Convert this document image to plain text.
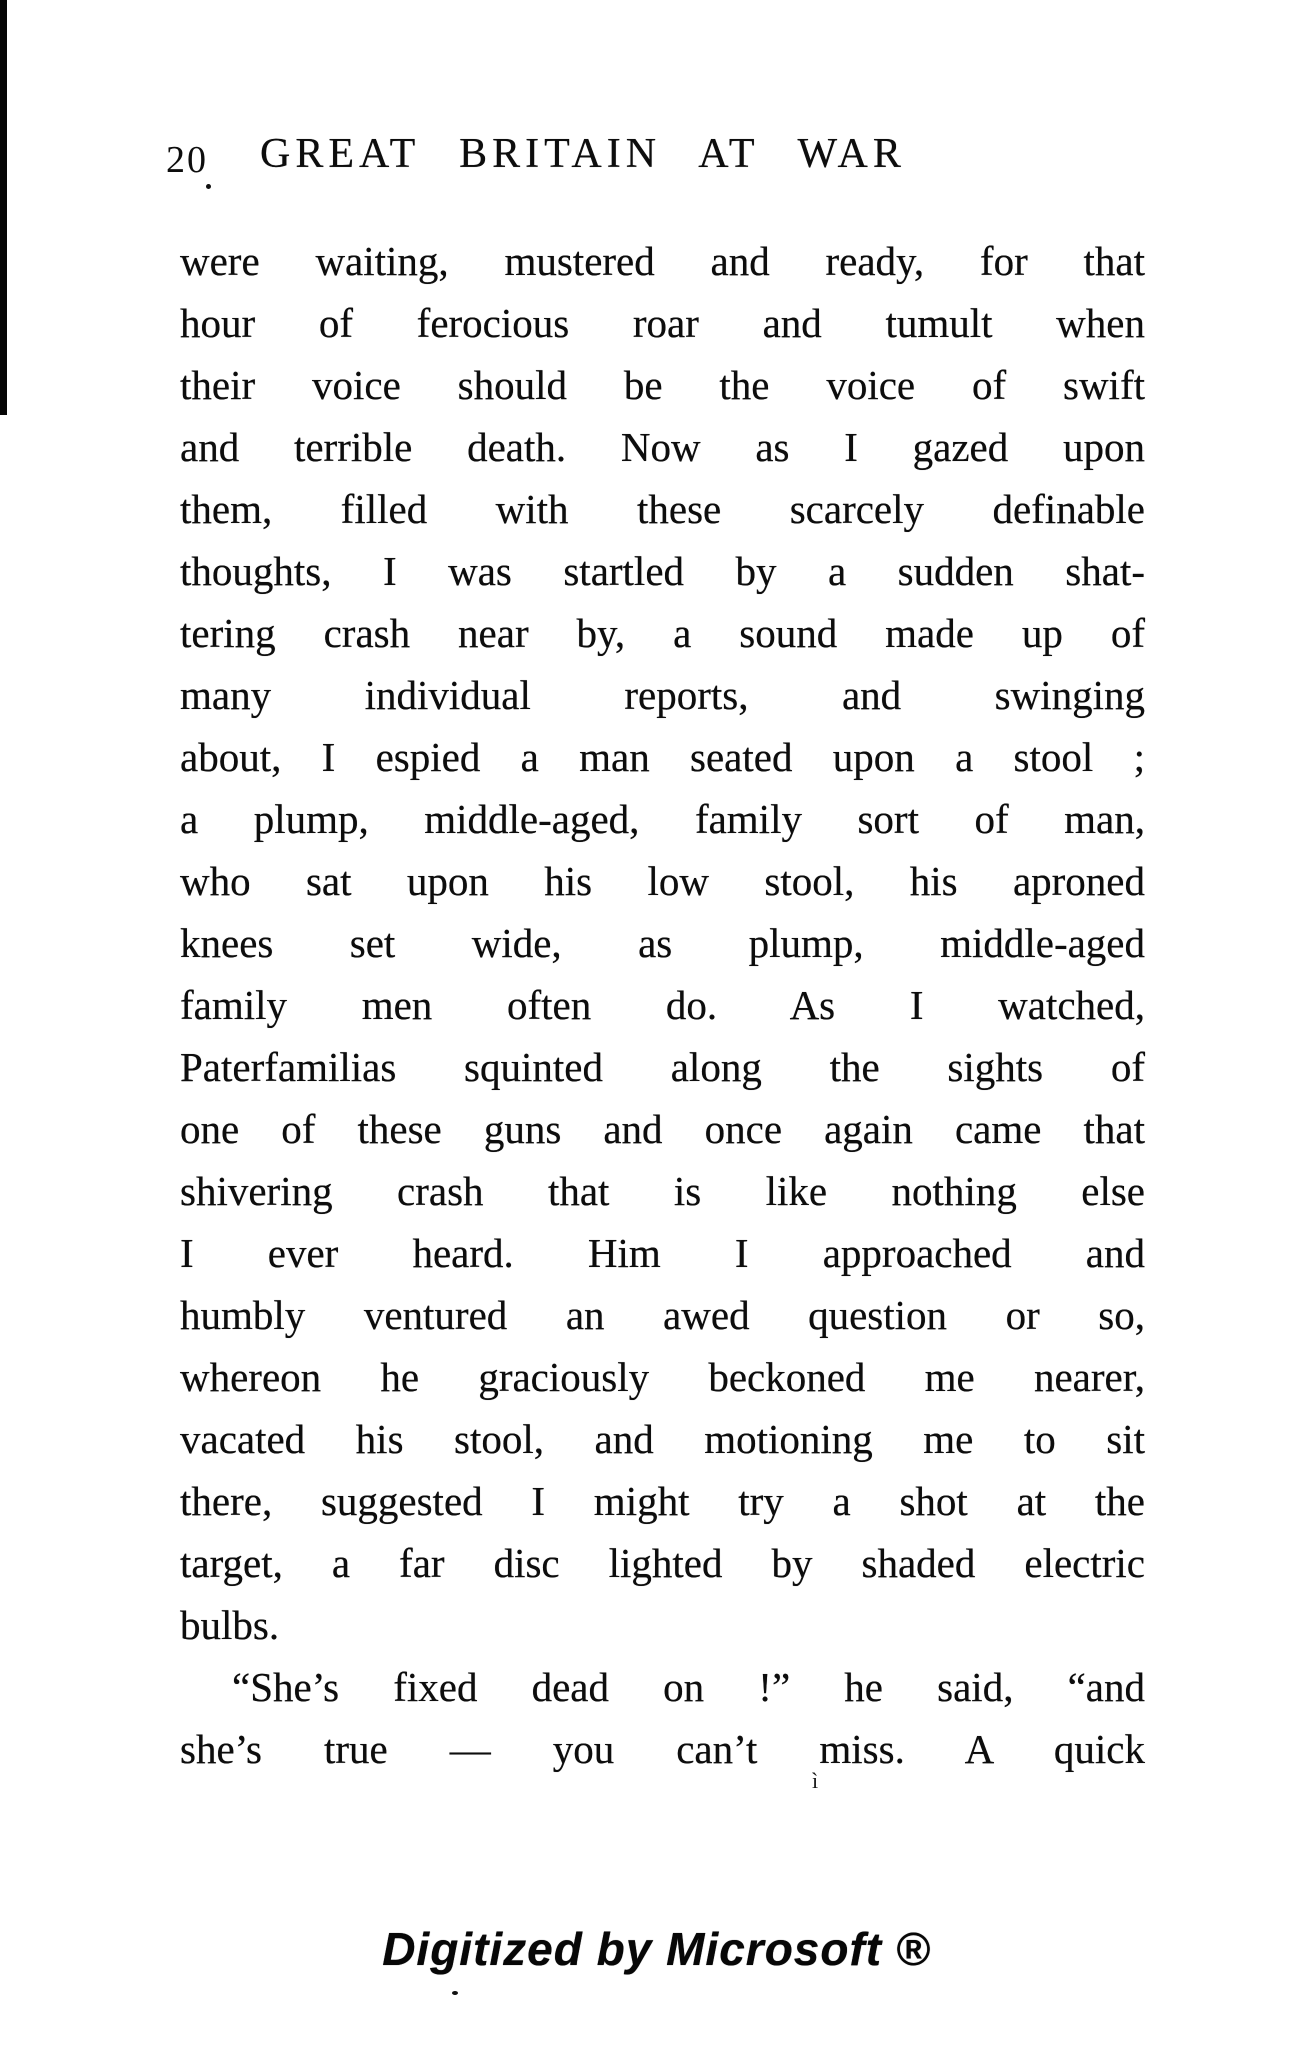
20 GREAT BRITAIN AT WAR
were waiting, mustered and ready, for that
hour of ferocious roar and tumult when
their voice should be the voice of swift
and terrible death. Now as I gazed upon
them, filled with these scarcely definable
thoughts, I was startled by a sudden shat-
tering crash near by, a sound made up of
many individual reports, and swinging
about, I espied a man seated upon a stool ;
a plump, middle-aged, family sort of man,
who sat upon his low stool, his aproned
knees set wide, as plump, middle-aged
family men often do. As I watched,
Paterfamilias squinted along the sights of
one of these guns and once again came that
shivering crash that is like nothing else
I ever heard. Him I approached and
humbly ventured an awed question or so,
whereon he graciously beckoned me nearer,
vacated his stool, and motioning me to sit
there, suggested I might try a shot at the
target, a far disc lighted by shaded electric
bulbs.
“She’s fixed dead on !” he said, “and
she’s true — you can’t miss. A quick
Digitized by Microsoft ®
ì
